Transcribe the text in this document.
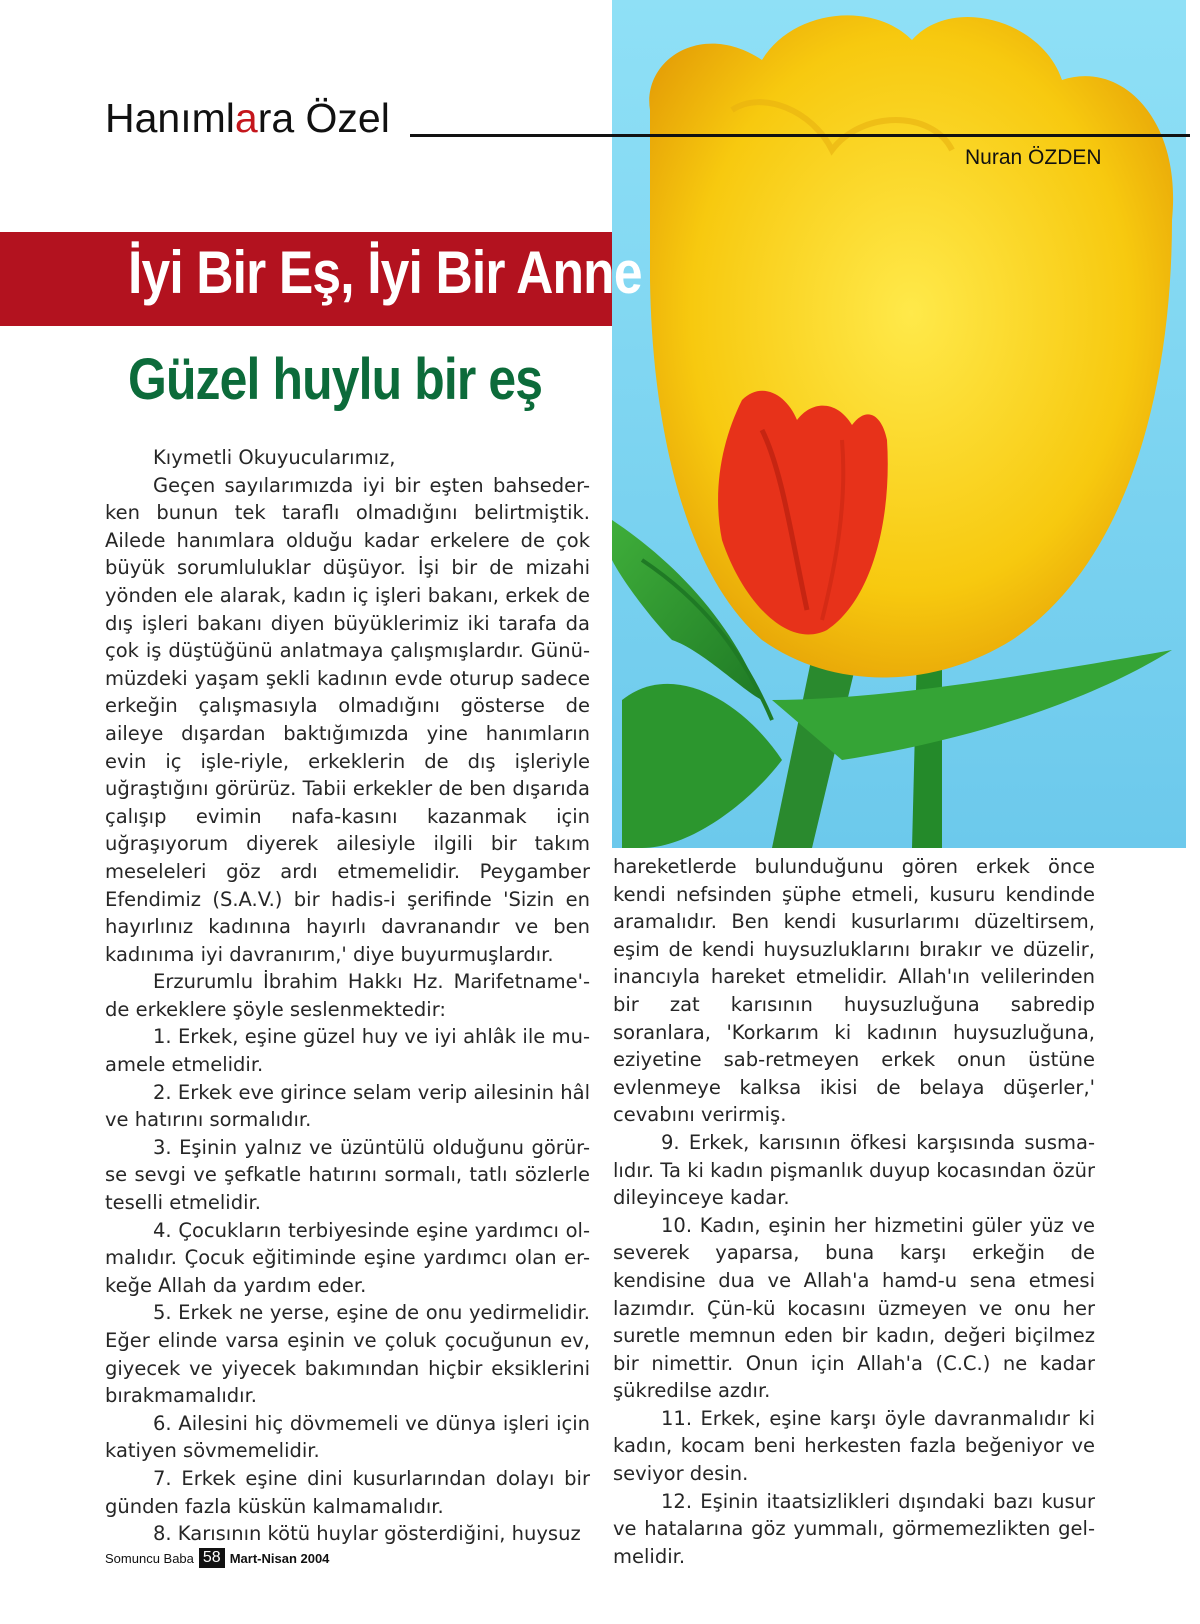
Hanımlara Özel
Nuran ÖZDEN
İyi Bir Eş, İyi Bir Anne
Güzel huylu bir eş

Kıymetli Okuyucularımız,

Geçen sayılarımızda iyi bir eşten bahseder-ken bunun tek taraflı olmadığını belirtmiştik. Ailede hanımlara olduğu kadar erkelere de çok büyük sorumluluklar düşüyor. İşi bir de mizahi yönden ele alarak, kadın iç işleri bakanı, erkek de dış işleri bakanı diyen büyüklerimiz iki tarafa da çok iş düştüğünü anlatmaya çalışmışlardır. Günü-müzdeki yaşam şekli kadının evde oturup sadece erkeğin çalışmasıyla olmadığını gösterse de aileye dışardan baktığımızda yine hanımların evin iç işle-riyle, erkeklerin de dış işleriyle uğraştığını görürüz. Tabii erkekler de ben dışarıda çalışıp evimin nafa-kasını kazanmak için uğraşıyorum diyerek ailesiyle ilgili bir takım meseleleri göz ardı etmemelidir. Peygamber Efendimiz (S.A.V.) bir hadis-i şerifinde 'Sizin en hayırlınız kadınına hayırlı davranandır ve ben kadınıma iyi davranırım,' diye buyurmuşlardır.

Erzurumlu İbrahim Hakkı Hz. Marifetname'-de erkeklere şöyle seslenmektedir:

1. Erkek, eşine güzel huy ve iyi ahlâk ile mu-amele etmelidir.

2. Erkek eve girince selam verip ailesinin hâl ve hatırını sormalıdır.

3. Eşinin yalnız ve üzüntülü olduğunu görür-se sevgi ve şefkatle hatırını sormalı, tatlı sözlerle teselli etmelidir.

4. Çocukların terbiyesinde eşine yardımcı ol-malıdır. Çocuk eğitiminde eşine yardımcı olan er-keğe Allah da yardım eder.

5. Erkek ne yerse, eşine de onu yedirmelidir. Eğer elinde varsa eşinin ve çoluk çocuğunun ev, giyecek ve yiyecek bakımından hiçbir eksiklerini bırakmamalıdır.

6. Ailesini hiç dövmemeli ve dünya işleri için katiyen sövmemelidir.

7. Erkek eşine dini kusurlarından dolayı bir günden fazla küskün kalmamalıdır.

8. Karısının kötü huylar gösterdiğini, huysuz

hareketlerde bulunduğunu gören erkek önce kendi nefsinden şüphe etmeli, kusuru kendinde aramalıdır. Ben kendi kusurlarımı düzeltirsem, eşim de kendi huysuzluklarını bırakır ve düzelir, inancıyla hareket etmelidir. Allah'ın velilerinden bir zat karısının huysuzluğuna sabredip soranlara, 'Korkarım ki kadının huysuzluğuna, eziyetine sab-retmeyen erkek onun üstüne evlenmeye kalksa ikisi de belaya düşerler,' cevabını verirmiş.

9. Erkek, karısının öfkesi karşısında susma-lıdır. Ta ki kadın pişmanlık duyup kocasından özür dileyinceye kadar.

10. Kadın, eşinin her hizmetini güler yüz ve severek yaparsa, buna karşı erkeğin de kendisine dua ve Allah'a hamd-u sena etmesi lazımdır. Çün-kü kocasını üzmeyen ve onu her suretle memnun eden bir kadın, değeri biçilmez bir nimettir. Onun için Allah'a (C.C.) ne kadar şükredilse azdır.

11. Erkek, eşine karşı öyle davranmalıdır ki kadın, kocam beni herkesten fazla beğeniyor ve seviyor desin.

12. Eşinin itaatsizlikleri dışındaki bazı kusur ve hatalarına göz yummalı, görmemezlikten gel-melidir.

Somuncu Baba 58 Mart-Nisan 2004
